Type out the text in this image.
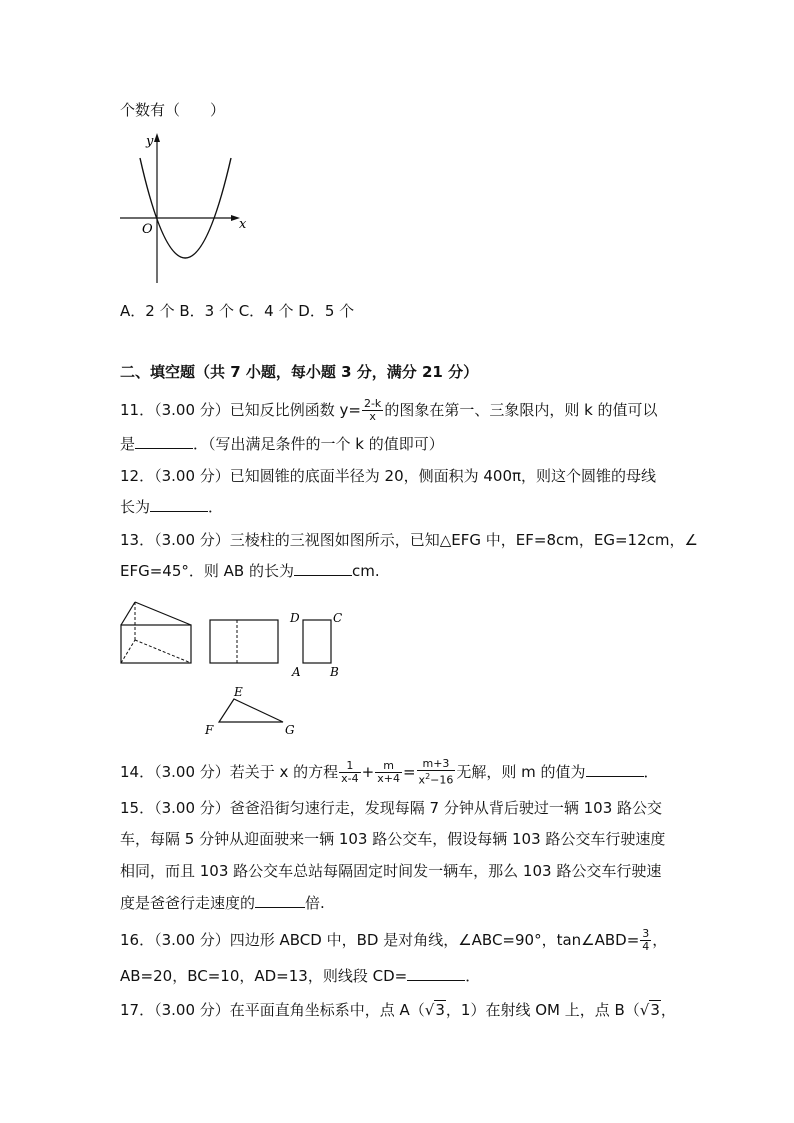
个数有（　　）
y
x
O
A．2 个 B．3 个 C．4 个 D．5 个
二、填空题（共 7 小题，每小题 3 分，满分 21 分）
11．（3.00 分）已知反比例函数 $y= \frac{2-k}{x}$ 的图象在第一、三象限内，则 k 的值可以
是	．（写出满足条件的一个 k 的值即可）
12．（3.00 分）已知圆锥的底面半径为 20，侧面积为 400π，则这个圆锥的母线
长为	．
13．（3.00 分）三棱柱的三视图如图所示，已知△EFG 中，EF=8cm，EG=12cm，∠
EFG=45°．则 AB 的长为	cm.
D	C
A B
E
F	G
14．（3.00 分）若关于 x 的方程 $\frac{1}{x-4} + \frac{m}{x+4} = \frac{m+3}{x^2-16}$ 无解，则 m 的值为	．
15．（3.00 分）爸爸沿街匀速行走，发现每隔 7 分钟从背后驶过一辆 103 路公交
车，每隔 5 分钟从迎面驶来一辆 103 路公交车，假设每辆 103 路公交车行驶速度
相同，而且 103 路公交车总站每隔固定时间发一辆车，那么 103 路公交车行驶速
度是爸爸行走速度的	倍.
16．（3.00 分）四边形 ABCD 中，BD 是对角线，∠ABC=90°，tan∠ABD= $\frac{3}{4}$ ，
AB=20，BC=10，AD=13，则线段 CD=	．
17．（3.00 分）在平面直角坐标系中，点 A（√3，1）在射线 OM 上，点 B（√3，
